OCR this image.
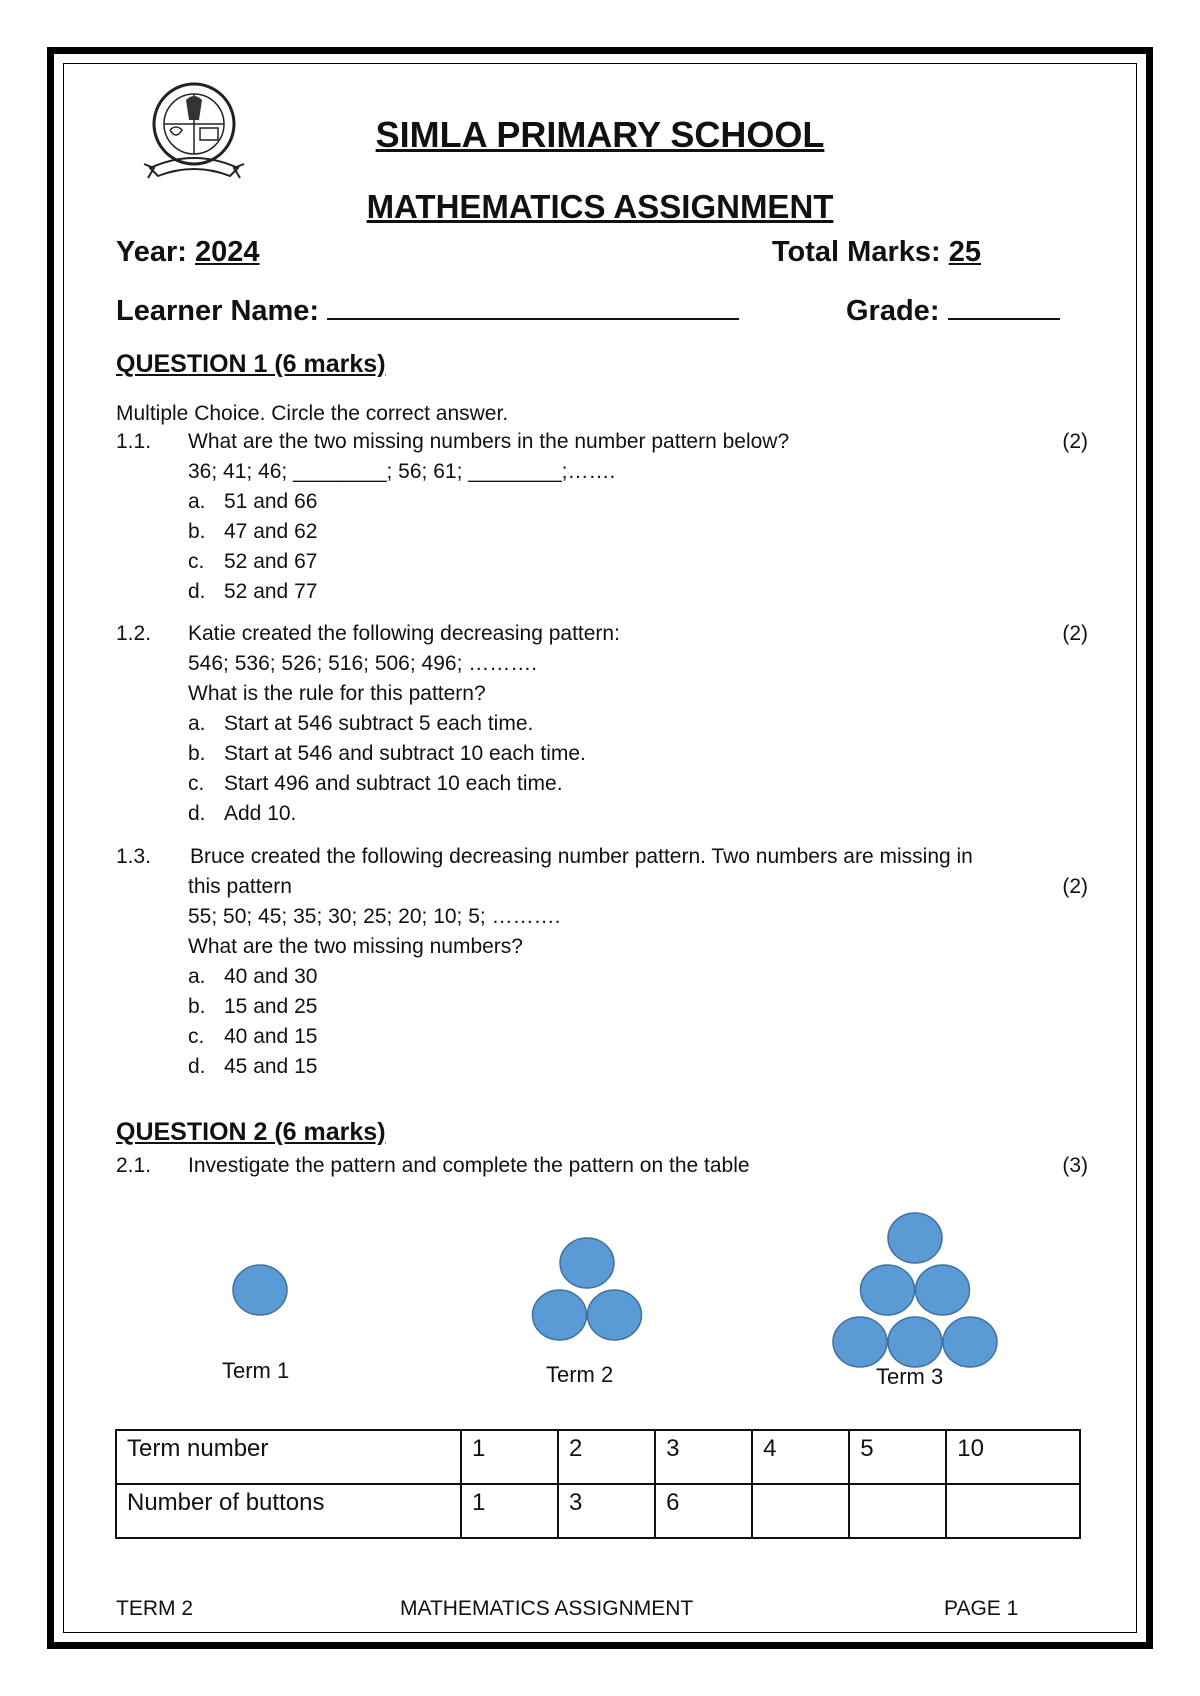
SIMLA PRIMARY SCHOOL
MATHEMATICS ASSIGNMENT
Year: 2024	Total Marks: 25
Learner Name:	Grade:
QUESTION 1 (6 marks)
Multiple Choice. Circle the correct answer.
1.1. What are the two missing numbers in the number pattern below?	(2)
36; 41; 46; ________; 56; 61; ________;…….
a. 51 and 66
b. 47 and 62
c. 52 and 67
d. 52 and 77
1.2. Katie created the following decreasing pattern:	(2)
546; 536; 526; 516; 506; 496; ……….
What is the rule for this pattern?
a. Start at 546 subtract 5 each time.
b. Start at 546 and subtract 10 each time.
c. Start 496 and subtract 10 each time.
d. Add 10.
1.3. Bruce created the following decreasing number pattern. Two numbers are missing in
this pattern	(2)
55; 50; 45; 35; 30; 25; 20; 10; 5; ……….
What are the two missing numbers?
a. 40 and 30
b. 15 and 25
c. 40 and 15
d. 45 and 15
QUESTION 2 (6 marks)
2.1. Investigate the pattern and complete the pattern on the table	(3)
Term 1	Term 2	Term 3
Term number	1	2	3	4	5	10
Number of buttons	1	3	6			
TERM 2	MATHEMATICS ASSIGNMENT	PAGE 1
